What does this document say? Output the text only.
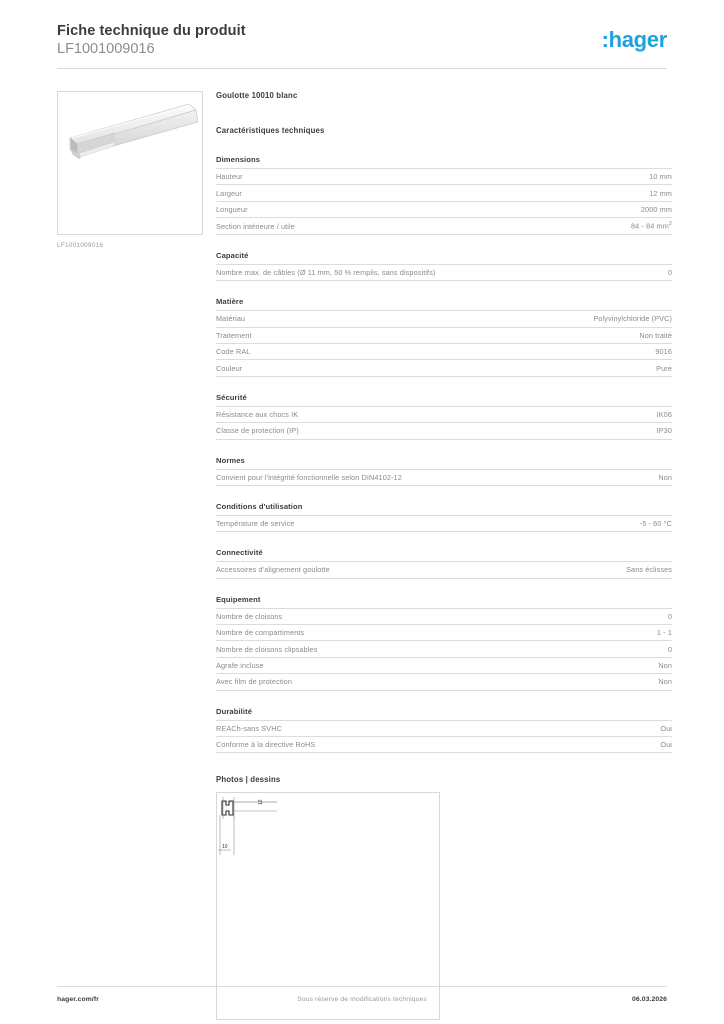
Fiche technique du produit
LF1001009016	:hager
LF1001009016
Goulotte 10010 blanc
Caractéristiques techniques
Dimensions
Hauteur	10 mm
Largeur	12 mm
Longueur	2000 mm
Section intérieure / utile	84 - 84 $mm^2$
Capacité
Nombre max. de câbles (Ø 11 mm, 50 % remplis, sans dispositifs)	0
Matière
Matériau	Polyvinylchloride (PVC)
Traitement	Non traité
Code RAL	9016
Couleur	Pure
Sécurité
Résistance aux chocs IK	IK06
Classe de protection (IP)	IP30
Normes
Convient pour l'intégrité fonctionnelle selon DIN4102-12	Non
Conditions d'utilisation
Température de service	-5 - 60 °C
Connectivité
Accessoires d'alignement goulotte	Sans éclisses
Equipement
Nombre de cloisons	0
Nombre de compartiments	1 - 1
Nombre de cloisons clipsables	0
Agrafe incluse	Non
Avec film de protection	Non
Durabilité
REACh-sans SVHC	Oui
Conforme à la directive RoHS	Oui
Photos | dessins
12
10
hager.com/fr	Sous réserve de modifications techniques	06.03.2026
